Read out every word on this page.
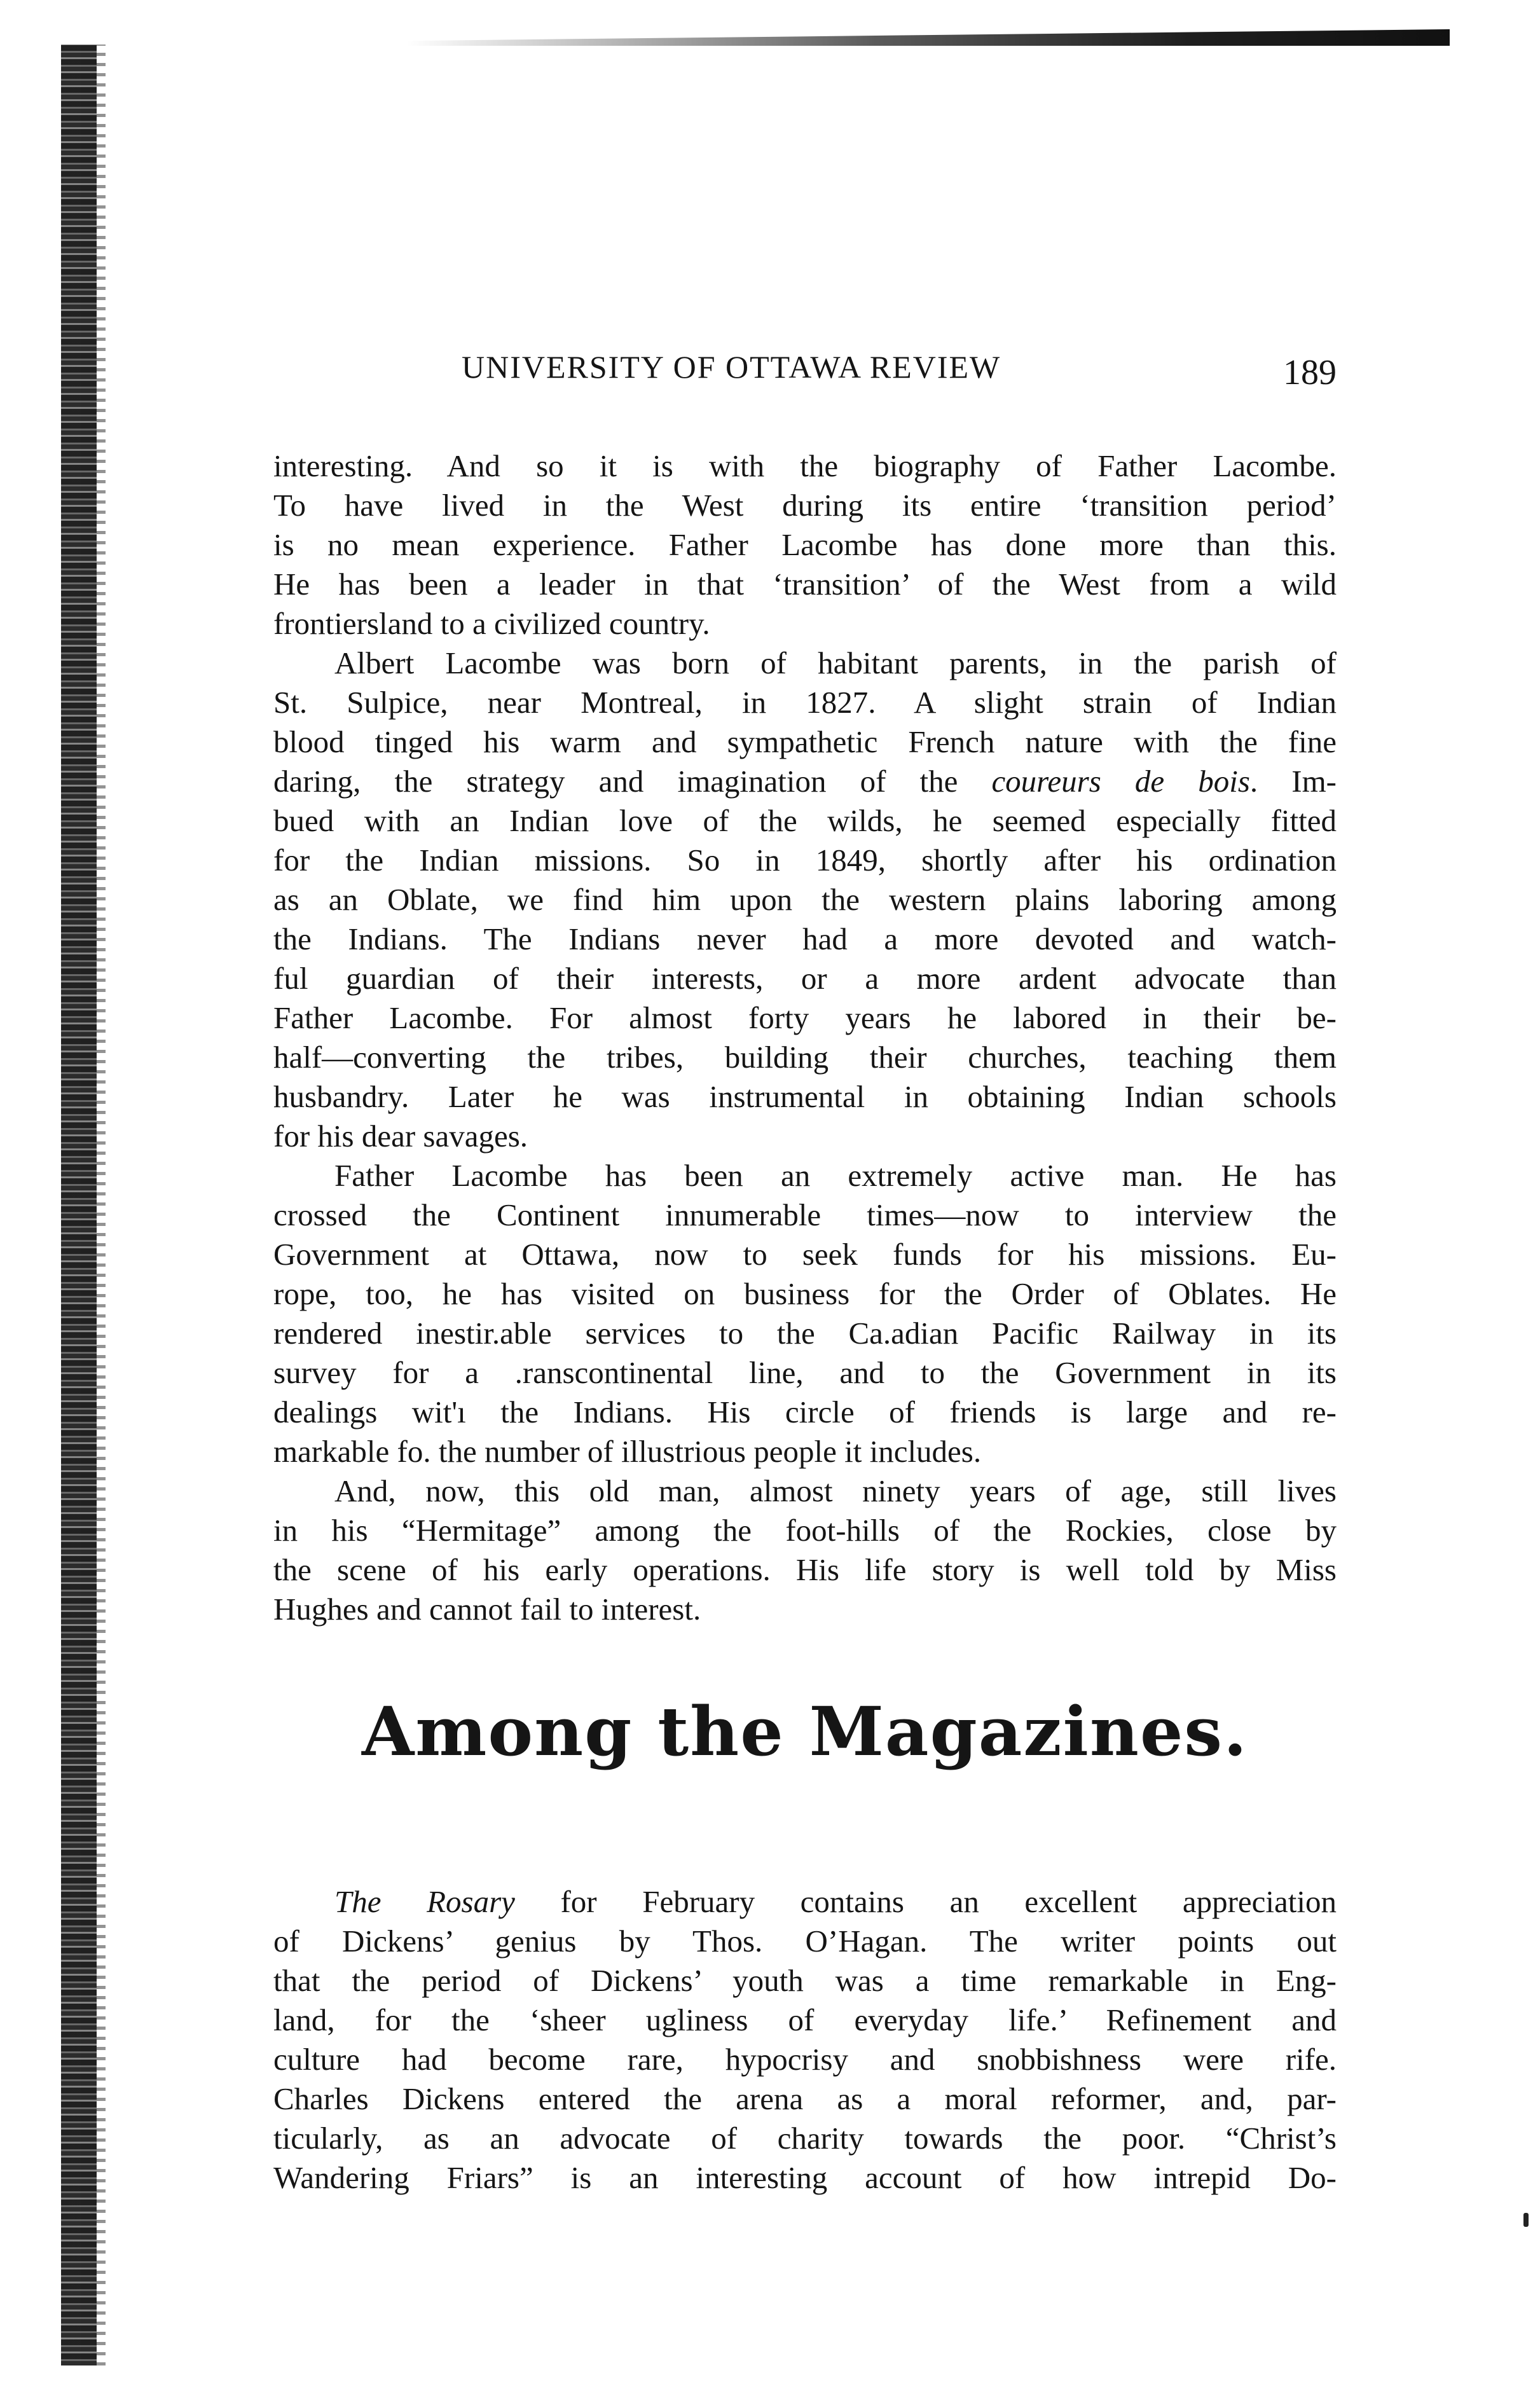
UNIVERSITY OF OTTAWA REVIEW	189
interesting. And so it is with the biography of Father Lacombe.
To have lived in the West during its entire ‘transition period’
is no mean experience. Father Lacombe has done more than this.
He has been a leader in that ‘transition’ of the West from a wild
frontiersland to a civilized country.
Albert Lacombe was born of habitant parents, in the parish of
St. Sulpice, near Montreal, in 1827. A slight strain of Indian
blood tinged his warm and sympathetic French nature with the fine
daring, the strategy and imagination of the coureurs de bois. Im-
bued with an Indian love of the wilds, he seemed especially fitted
for the Indian missions. So in 1849, shortly after his ordination
as an Oblate, we find him upon the western plains laboring among
the Indians. The Indians never had a more devoted and watch-
ful guardian of their interests, or a more ardent advocate than
Father Lacombe. For almost forty years he labored in their be-
half—converting the tribes, building their churches, teaching them
husbandry. Later he was instrumental in obtaining Indian schools
for his dear savages.
Father Lacombe has been an extremely active man. He has
crossed the Continent innumerable times—now to interview the
Government at Ottawa, now to seek funds for his missions. Eu-
rope, too, he has visited on business for the Order of Oblates. He
rendered inestir.able services to the Ca.adian Pacific Railway in its
survey for a .ranscontinental line, and to the Government in its
dealings wit'ı the Indians. His circle of friends is large and re-
markable fo. the number of illustrious people it includes.
And, now, this old man, almost ninety years of age, still lives
in his “Hermitage” among the foot-hills of the Rockies, close by
the scene of his early operations. His life story is well told by Miss
Hughes and cannot fail to interest.
Among the Magazines.
The Rosary for February contains an excellent appreciation
of Dickens’ genius by Thos. O’Hagan. The writer points out
that the period of Dickens’ youth was a time remarkable in Eng-
land, for the ‘sheer ugliness of everyday life.’ Refinement and
culture had become rare, hypocrisy and snobbishness were rife.
Charles Dickens entered the arena as a moral reformer, and, par-
ticularly, as an advocate of charity towards the poor. “Christ’s
Wandering Friars” is an interesting account of how intrepid Do-
